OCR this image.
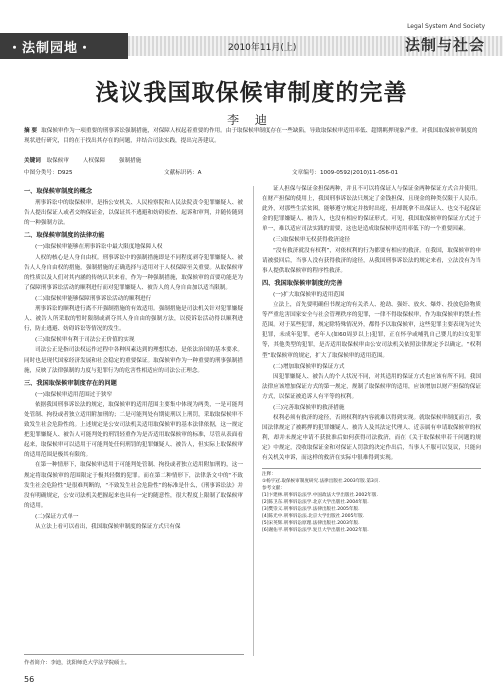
・法制园地・	2010年11月(上)
Legal System And Society
法制与社会
浅议我国取保候审制度的完善
李 迪
摘 要 取保候审作为一项重要的刑事诉讼强制措施，对保障人权起着重要的作用。由于取保候审制度存在一些缺陷，导致取保候审适用率低、超期羁押现象严重。对我国取保候审制度的现状进行研究，目的在于找出其存在的问题，并结合司法实践，提出完善建议。
关键词 取保候审 人权保障 强制措施
中图分类号：D925	文献标识码：A	文章编号：1009-0592(2010)11-056-01
一、取保候审制度的概念

刑事诉讼中的取保候审，是指公安机关、人民检察院和人民法院责令犯罪嫌疑人、被告人提出保证人或者交纳保证金，以保证其不逃避和妨碍侦查、起诉和审判，并随传随到的一种强制方法。

二、取保候审制度的法律功能
(一)取保候审能够在刑事诉讼中最大限度地保障人权

人权的核心是人身自由权。刑事诉讼中的强制措施即是不同程度剥夺犯罪嫌疑人、被告人人身自由权的措施，强制措施的正确选择与适用对于人权保障至关重要。从取保候审的性质以及人们对其内涵的传统认识来看，作为一种强制措施，取保候审的首要功能是为了保障刑事诉讼活动的顺利进行而对犯罪嫌疑人、被告人的人身自由加以适当限制。

(二)取保候审能够保障刑事诉讼活动的顺利进行

刑事诉讼的顺利进行离不开强制措施的有效适用。强制措施是司法机关针对犯罪嫌疑人、被告人所采取的暂时限制或剥夺其人身自由的强制方法，以使诉讼活动得以顺利进行，防止逃避、妨碍诉讼等情况的发生。

(三)取保候审有利于司法公正价值的实现

司法公正是指司法权运作过程中各种因素达到的理想状态，是依法治国的基本要求。同时也是现代国家经济发展和社会稳定的重要保证。取保候审作为一种重要的刑事强制措施，反映了法律强制的力度与犯罪行为的危害性相适应的司法公正理念。

三、我国取保候审制度存在的问题
(一)取保候审适用范围过于狭窄

依据我国刑事诉讼法的规定，取保候审的适用范围主要集中体现为两类，一是可能判处管制、拘役或者独立适用附加刑的；二是可能判处有期徒刑以上刑罚，采取取保候审不致发生社会危险性的。上述规定是公安司法机关适用取保候审的基本法律依据，这一规定把犯罪嫌疑人、被告人可能判处的刑罚轻重作为是否适用取保候审的标准，尽管从表面看起来，取保候审可以适用于可能判处任何刑罚的犯罪嫌疑人、被告人，但实际上取保候审的适用范围是极其有限的。

在第一种情形下，取保候审适用于可能判处管制、拘役或者独立适用附加刑的，这一规定将取保候审的范围限定于极其轻微的犯罪。而在第二种情形下，法律条文中的“不致发生社会危险性”是很难判断的，“不致发生社会危险性”的标准是什么，《刑事诉讼法》并没有明确规定，公安司法机关把握起来也具有一定的随意性，很大程度上限制了取保候审的适用。

(二)保证方式单一

从立法上看可以看出，我国取保候审制度的保证方式只有保

证人担保与保证金担保两种，并且不可以将保证人与保证金两种保证方式合并使用。在财产担保的使用上，我国刑事诉讼法只规定了金钱担保，且现金的种类仅限于人民币。此外，对那些生活贫困，能够遵守规定并按时出庭，但却既拿不出保证人、也交不起保证金的犯罪嫌疑人、被告人，也没有相应的保证形式。可见，我国取保候审的保证方式过于单一，难以适应司法实践的需要，这也是造成取保候审适用率低下的一个重要因素。

(三)取保候审无权获得救济途径

“没有救济就没有权利”，对依权利的行为都要有相应的救济。在我国，取保候审的申请被驳回后，当事人没有获得救济的途径，从我国刑事诉讼法的规定来看，立法没有为当事人提供取保候审的程序性救济。

四、我国取保候审制度的完善
(一)扩大取保候审的适用范围

立法上，首先要明确但书规定的有关杀人、抢劫、强奸、放火、爆炸、投放危险物质等严重危害国家安全与社会管理秩序的犯罪，一律不得取保候审，作为取保候审的禁止性范围。对于某些犯罪，规定除特殊情况外，都得予以取保候审，这些犯罪主要表现为过失犯罪，未成年犯罪，老年人(如60周岁以上)犯罪，正在怀孕或哺乳自己婴儿的妇女犯罪等，其他类型的犯罪，是否适用取保候审由公安司法机关依照法律规定予以确定。“权利型”取保候审的规定，扩大了取保候审的适用范围。

(二)增加取保候审的保证方式

因犯罪嫌疑人、被告人的个人状况不同，对其适用的保证方式也应该有所不同。我国法律应该增加保证方式的第一规定，规制了取保候审的适用，应该增加以财产担保的保证方式，以保证被追诉人有平等的权利。

(三)完善取保候审的救济措施

权利必须有救济的途径，否则权利的内容就难以得到实现。就取保候审制度而言，我国法律规定了被羁押的犯罪嫌疑人、被告人及其法定代理人、近亲属有申请取保候审的权利，却并未规定申请不获批准后如何获得司法救济，而在《关于取保候审若干问题的规定》中规定，没收取保证金和对保证人罚款的决定作出后，当事人不服可以复议，只能向有关机关申诉，而这样的救济在实际中很难得到实现。

注释：
①杨宇冠.取保候审制度研究.法律出版社.2003年版.第3页.
参考文献：
[1]卞建林.刑事诉讼法学.中国政法大学出版社.2002年版.
[2]陈卫东.刑事诉讼法学.北京大学出版社.2004年版.
[3]樊崇义.刑事诉讼法学.法律出版社.2005年版.
[4]陈光中.刑事诉讼法.北京大学出版社.2005年版.
[5]宋英辉.刑事诉讼原理.法律出版社.2003年版.
[6]谢佑平.刑事诉讼法学.复旦大学出版社.2002年版.
作者简介：李迪，沈阳师范大学法学院硕士。
56
